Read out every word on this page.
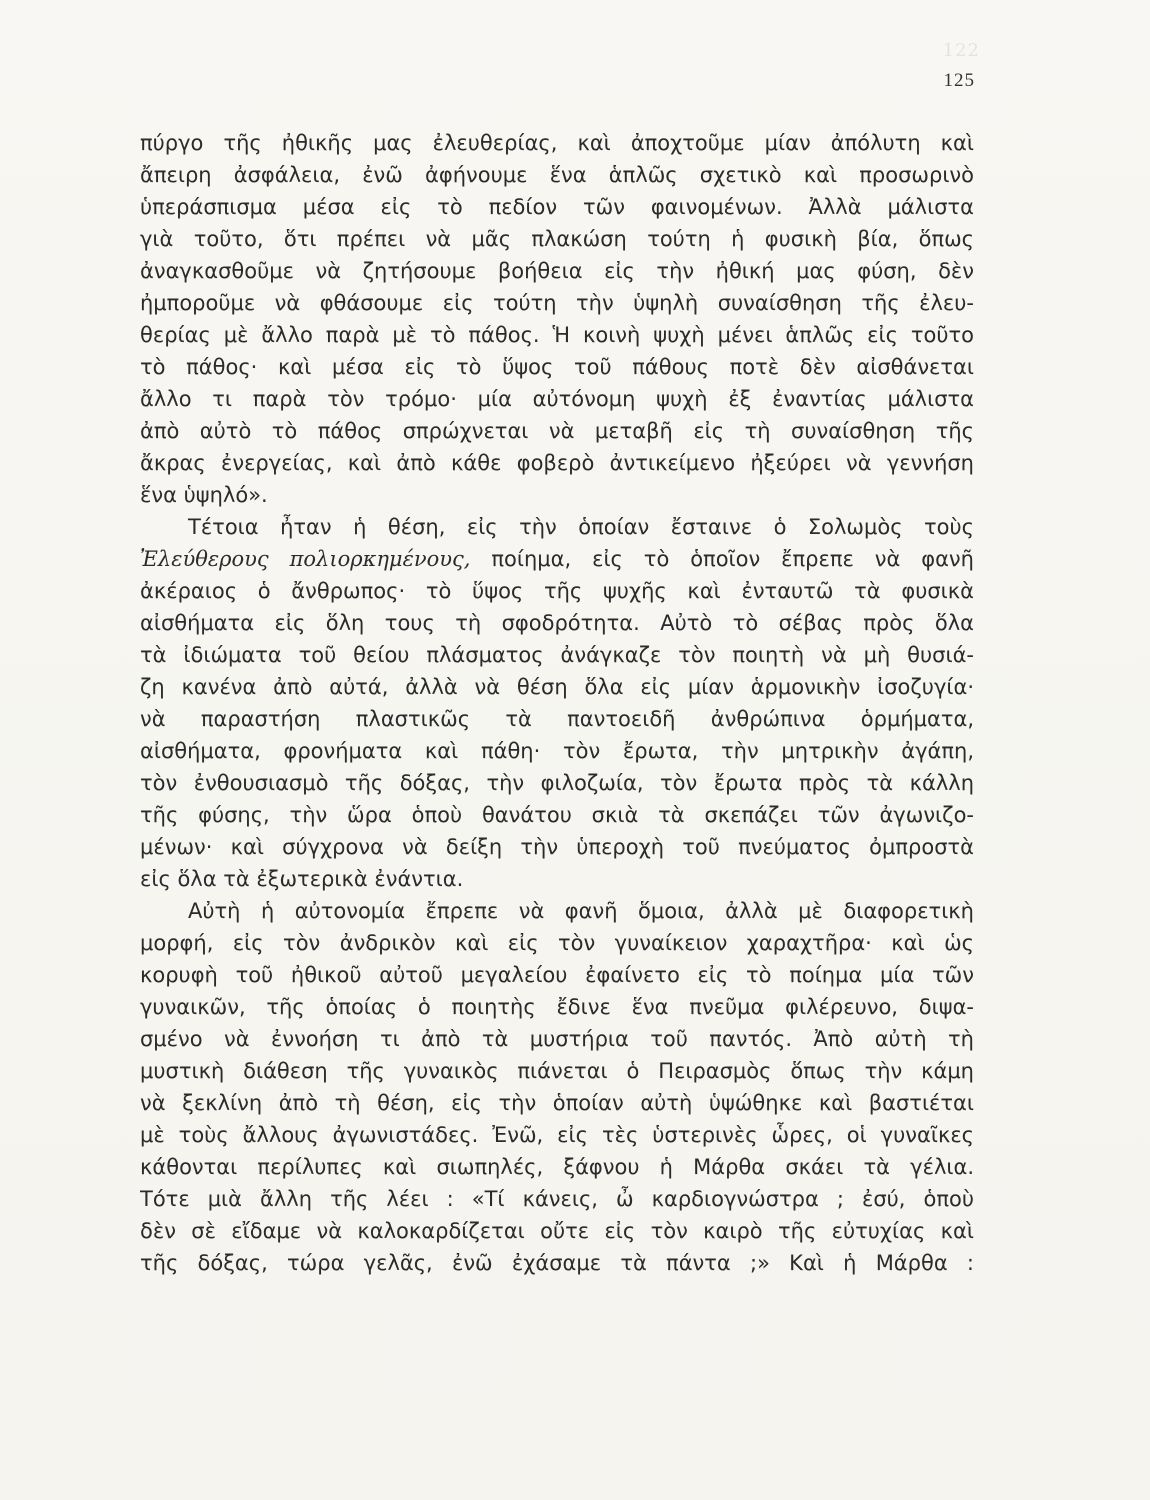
122
125
πύργο τῆς ἠθικῆς μας ἐλευθερίας, καὶ ἀποχτοῦμε μίαν ἀπόλυτη καὶ
ἄπειρη ἀσφάλεια, ἐνῶ ἀφήνουμε ἕνα ἁπλῶς σχετικὸ καὶ προσωρινὸ
ὑπεράσπισμα μέσα εἰς τὸ πεδίον τῶν φαινομένων. Ἀλλὰ μάλιστα
γιὰ τοῦτο, ὅτι πρέπει νὰ μᾶς πλακώση τούτη ἡ φυσικὴ βία, ὅπως
ἀναγκασθοῦμε νὰ ζητήσουμε βοήθεια εἰς τὴν ἠθική μας φύση, δὲν
ἠμποροῦμε νὰ φθάσουμε εἰς τούτη τὴν ὑψηλὴ συναίσθηση τῆς ἐλευ-
θερίας μὲ ἄλλο παρὰ μὲ τὸ πάθος. Ἡ κοινὴ ψυχὴ μένει ἁπλῶς εἰς τοῦτο
τὸ πάθος· καὶ μέσα εἰς τὸ ὕψος τοῦ πάθους ποτὲ δὲν αἰσθάνεται
ἄλλο τι παρὰ τὸν τρόμο· μία αὐτόνομη ψυχὴ ἐξ ἐναντίας μάλιστα
ἀπὸ αὐτὸ τὸ πάθος σπρώχνεται νὰ μεταβῆ εἰς τὴ συναίσθηση τῆς
ἄκρας ἐνεργείας, καὶ ἀπὸ κάθε φοβερὸ ἀντικείμενο ἠξεύρει νὰ γεννήση
ἕνα ὑψηλό».
Τέτοια ἦταν ἡ θέση, εἰς τὴν ὁποίαν ἔσταινε ὁ Σολωμὸς τοὺς
Ἐλεύθερους πολιορκημένους, ποίημα, εἰς τὸ ὁποῖον ἔπρεπε νὰ φανῆ
ἀκέραιος ὁ ἄνθρωπος· τὸ ὕψος τῆς ψυχῆς καὶ ἐνταυτῶ τὰ φυσικὰ
αἰσθήματα εἰς ὅλη τους τὴ σφοδρότητα. Αὐτὸ τὸ σέβας πρὸς ὅλα
τὰ ἰδιώματα τοῦ θείου πλάσματος ἀνάγκαζε τὸν ποιητὴ νὰ μὴ θυσιά-
ζη κανένα ἀπὸ αὐτά, ἀλλὰ νὰ θέση ὅλα εἰς μίαν ἁρμονικὴν ἰσοζυγία·
νὰ παραστήση πλαστικῶς τὰ παντοειδῆ ἀνθρώπινα ὁρμήματα,
αἰσθήματα, φρονήματα καὶ πάθη· τὸν ἔρωτα, τὴν μητρικὴν ἀγάπη,
τὸν ἐνθουσιασμὸ τῆς δόξας, τὴν φιλοζωία, τὸν ἔρωτα πρὸς τὰ κάλλη
τῆς φύσης, τὴν ὥρα ὁποὺ θανάτου σκιὰ τὰ σκεπάζει τῶν ἀγωνιζο-
μένων· καὶ σύγχρονα νὰ δείξη τὴν ὑπεροχὴ τοῦ πνεύματος ὀμπροστὰ
εἰς ὅλα τὰ ἐξωτερικὰ ἐνάντια.
Αὐτὴ ἡ αὐτονομία ἔπρεπε νὰ φανῆ ὅμοια, ἀλλὰ μὲ διαφορετικὴ
μορφή, εἰς τὸν ἀνδρικὸν καὶ εἰς τὸν γυναίκειον χαραχτῆρα· καὶ ὡς
κορυφὴ τοῦ ἠθικοῦ αὐτοῦ μεγαλείου ἐφαίνετο εἰς τὸ ποίημα μία τῶν
γυναικῶν, τῆς ὁποίας ὁ ποιητὴς ἔδινε ἕνα πνεῦμα φιλέρευνο, διψα-
σμένο νὰ ἐννοήση τι ἀπὸ τὰ μυστήρια τοῦ παντός. Ἀπὸ αὐτὴ τὴ
μυστικὴ διάθεση τῆς γυναικὸς πιάνεται ὁ Πειρασμὸς ὅπως τὴν κάμη
νὰ ξεκλίνη ἀπὸ τὴ θέση, εἰς τὴν ὁποίαν αὐτὴ ὑψώθηκε καὶ βαστιέται
μὲ τοὺς ἄλλους ἀγωνιστάδες. Ἐνῶ, εἰς τὲς ὑστερινὲς ὧρες, οἱ γυναῖκες
κάθονται περίλυπες καὶ σιωπηλές, ξάφνου ἡ Μάρθα σκάει τὰ γέλια.
Τότε μιὰ ἄλλη τῆς λέει : «Τί κάνεις, ὦ καρδιογνώστρα ; ἐσύ, ὁποὺ
δὲν σὲ εἴδαμε νὰ καλοκαρδίζεται οὔτε εἰς τὸν καιρὸ τῆς εὐτυχίας καὶ
τῆς δόξας, τώρα γελᾶς, ἐνῶ ἐχάσαμε τὰ πάντα ;» Καὶ ἡ Μάρθα :
